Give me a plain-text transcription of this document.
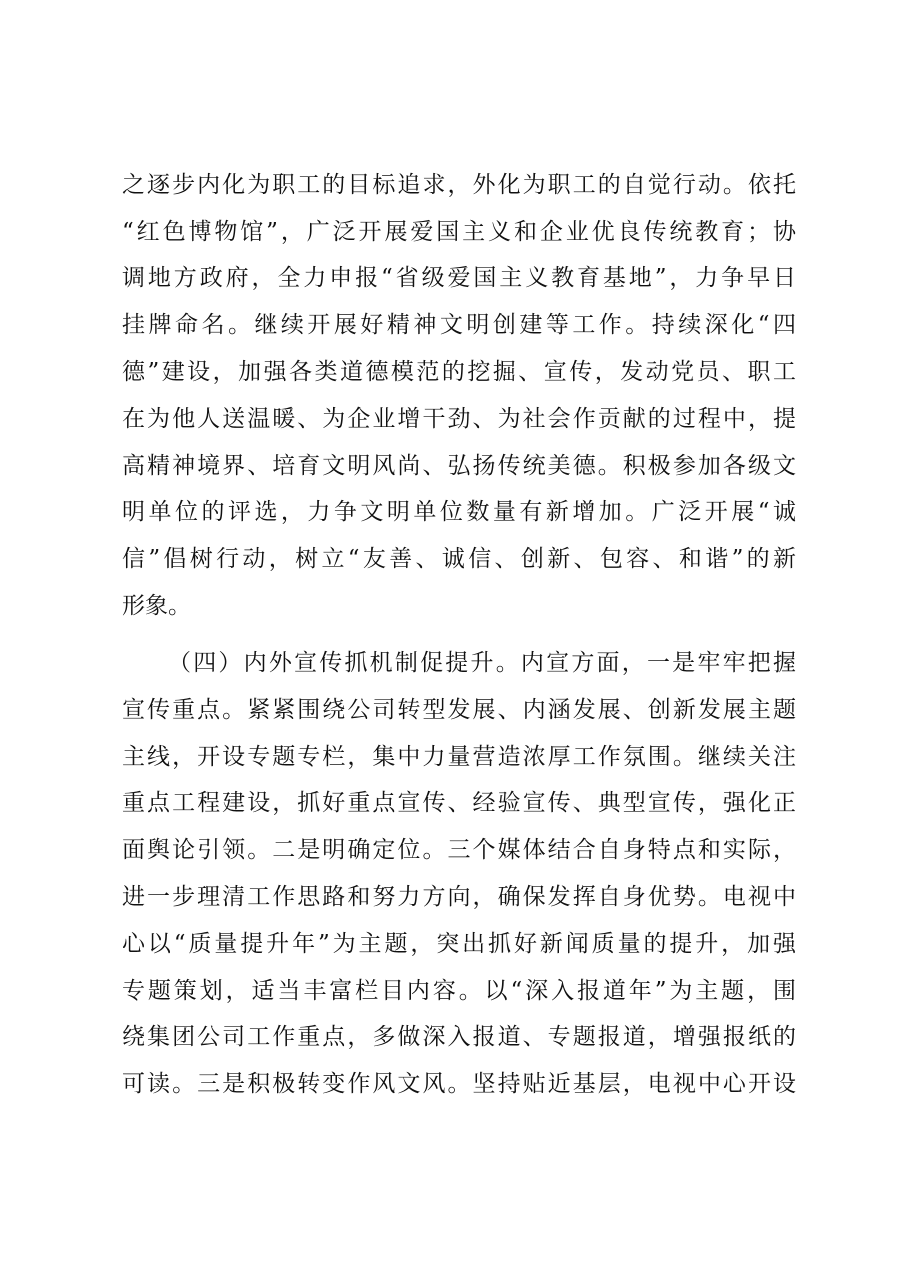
之逐步内化为职工的目标追求，外化为职工的自觉行动。依托
“红色博物馆”，广泛开展爱国主义和企业优良传统教育；协
调地方政府，全力申报“省级爱国主义教育基地”，力争早日
挂牌命名。继续开展好精神文明创建等工作。持续深化“四
德”建设，加强各类道德模范的挖掘、宣传，发动党员、职工
在为他人送温暖、为企业增干劲、为社会作贡献的过程中，提
高精神境界、培育文明风尚、弘扬传统美德。积极参加各级文
明单位的评选，力争文明单位数量有新增加。广泛开展“诚
信”倡树行动，树立“友善、诚信、创新、包容、和谐”的新
形象。
（四）内外宣传抓机制促提升。内宣方面，一是牢牢把握
宣传重点。紧紧围绕公司转型发展、内涵发展、创新发展主题
主线，开设专题专栏，集中力量营造浓厚工作氛围。继续关注
重点工程建设，抓好重点宣传、经验宣传、典型宣传，强化正
面舆论引领。二是明确定位。三个媒体结合自身特点和实际，
进一步理清工作思路和努力方向，确保发挥自身优势。电视中
心以“质量提升年”为主题，突出抓好新闻质量的提升，加强
专题策划，适当丰富栏目内容。以“深入报道年”为主题，围
绕集团公司工作重点，多做深入报道、专题报道，增强报纸的
可读。三是积极转变作风文风。坚持贴近基层，电视中心开设
